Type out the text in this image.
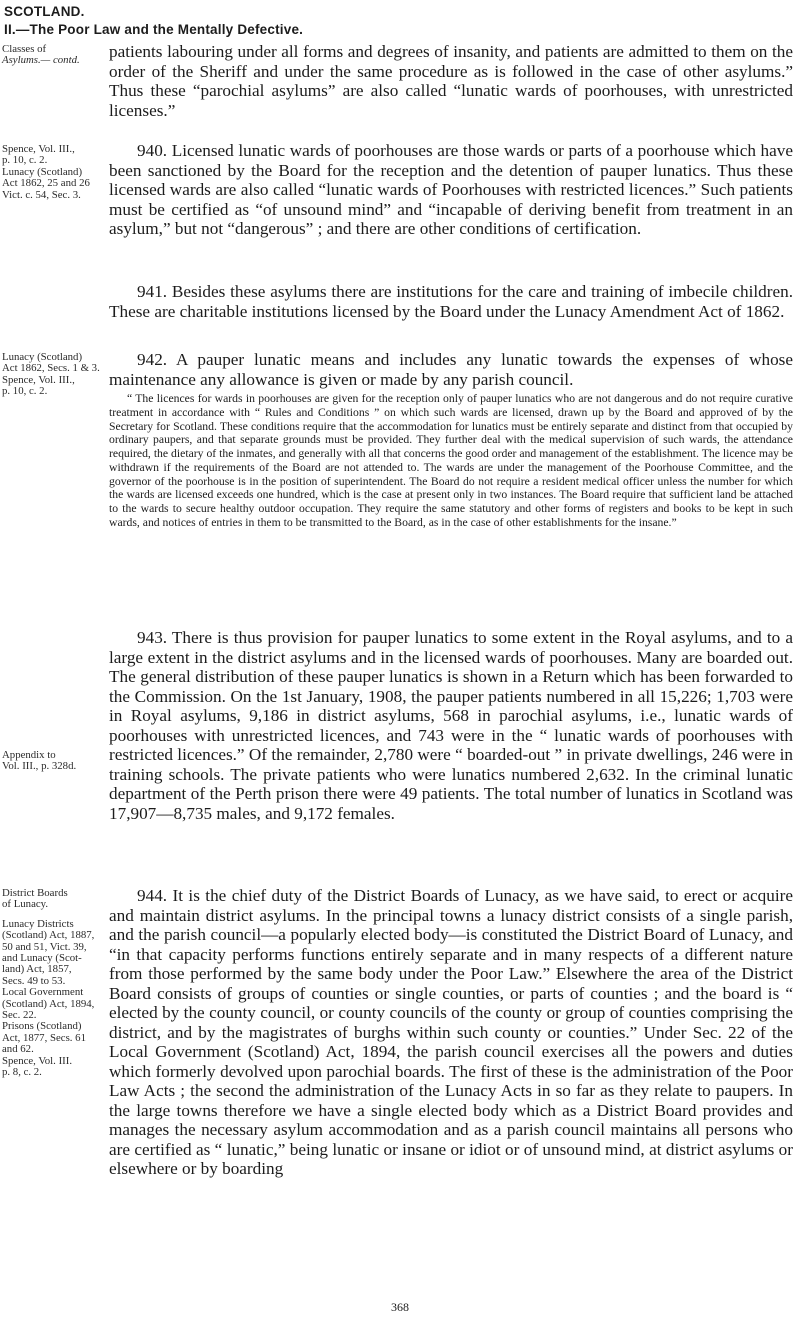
SCOTLAND.
II.—The Poor Law and the Mentally Defective.
Classes of
Asylums.— contd.
Spence, Vol. III.,
p. 10, c. 2.
Lunacy (Scotland)
Act 1862, 25 and 26
Vict. c. 54, Sec. 3.
Lunacy (Scotland)
Act 1862, Secs. 1 & 3.
Spence, Vol. III.,
p. 10, c. 2.
Appendix to
Vol. III., p. 328d.
District Boards
of Lunacy.
Lunacy Districts
(Scotland) Act, 1887,
50 and 51, Vict. 39,
and Lunacy (Scot-
land) Act, 1857,
Secs. 49 to 53.
Local Government
(Scotland) Act, 1894,
Sec. 22.
Prisons (Scotland)
Act, 1877, Secs. 61
and 62.
Spence, Vol. III.
p. 8, c. 2.

patients labouring under all forms and degrees of insanity, and patients are admitted to them on the order of the Sheriff and under the same procedure as is followed in the case of other asylums.” Thus these “parochial asylums” are also called “lunatic wards of poorhouses, with unrestricted licenses.”

940. Licensed lunatic wards of poorhouses are those wards or parts of a poorhouse which have been sanctioned by the Board for the reception and the detention of pauper lunatics. Thus these licensed wards are also called “lunatic wards of Poorhouses with restricted licences.” Such patients must be certified as “of unsound mind” and “incapable of deriving benefit from treatment in an asylum,” but not “dangerous” ; and there are other conditions of certification.

941. Besides these asylums there are institutions for the care and training of imbecile children. These are charitable institutions licensed by the Board under the Lunacy Amendment Act of 1862.

942. A pauper lunatic means and includes any lunatic towards the expenses of whose maintenance any allowance is given or made by any parish council.

“ The licences for wards in poorhouses are given for the reception only of pauper lunatics who are not dangerous and do not require curative treatment in accordance with “ Rules and Conditions ” on which such wards are licensed, drawn up by the Board and approved of by the Secretary for Scotland. These conditions require that the accommodation for lunatics must be entirely separate and distinct from that occupied by ordinary paupers, and that separate grounds must be provided. They further deal with the medical supervision of such wards, the attendance required, the dietary of the inmates, and generally with all that concerns the good order and management of the establishment. The licence may be withdrawn if the requirements of the Board are not attended to. The wards are under the management of the Poorhouse Committee, and the governor of the poorhouse is in the position of superintendent. The Board do not require a resident medical officer unless the number for which the wards are licensed exceeds one hundred, which is the case at present only in two instances. The Board require that sufficient land be attached to the wards to secure healthy outdoor occupation. They require the same statutory and other forms of registers and books to be kept in such wards, and notices of entries in them to be transmitted to the Board, as in the case of other establishments for the insane.”

943. There is thus provision for pauper lunatics to some extent in the Royal asylums, and to a large extent in the district asylums and in the licensed wards of poorhouses. Many are boarded out. The general distribution of these pauper lunatics is shown in a Return which has been forwarded to the Commission. On the 1st January, 1908, the pauper patients numbered in all 15,226; 1,703 were in Royal asylums, 9,186 in district asylums, 568 in parochial asylums, i.e., lunatic wards of poorhouses with unrestricted licences, and 743 were in the “ lunatic wards of poorhouses with restricted licences.” Of the remainder, 2,780 were “ boarded-out ” in private dwellings, 246 were in training schools. The private patients who were lunatics numbered 2,632. In the criminal lunatic department of the Perth prison there were 49 patients. The total number of lunatics in Scotland was 17,907—8,735 males, and 9,172 females.

944. It is the chief duty of the District Boards of Lunacy, as we have said, to erect or acquire and maintain district asylums. In the principal towns a lunacy district consists of a single parish, and the parish council—a popularly elected body—is constituted the District Board of Lunacy, and “in that capacity performs functions entirely separate and in many respects of a different nature from those performed by the same body under the Poor Law.” Elsewhere the area of the District Board consists of groups of counties or single counties, or parts of counties ; and the board is “ elected by the county council, or county councils of the county or group of counties comprising the district, and by the magistrates of burghs within such county or counties.” Under Sec. 22 of the Local Government (Scotland) Act, 1894, the parish council exercises all the powers and duties which formerly devolved upon parochial boards. The first of these is the administration of the Poor Law Acts ; the second the administration of the Lunacy Acts in so far as they relate to paupers. In the large towns therefore we have a single elected body which as a District Board provides and manages the necessary asylum accommodation and as a parish council maintains all persons who are certified as “ lunatic,” being lunatic or insane or idiot or of unsound mind, at district asylums or elsewhere or by boarding

368
